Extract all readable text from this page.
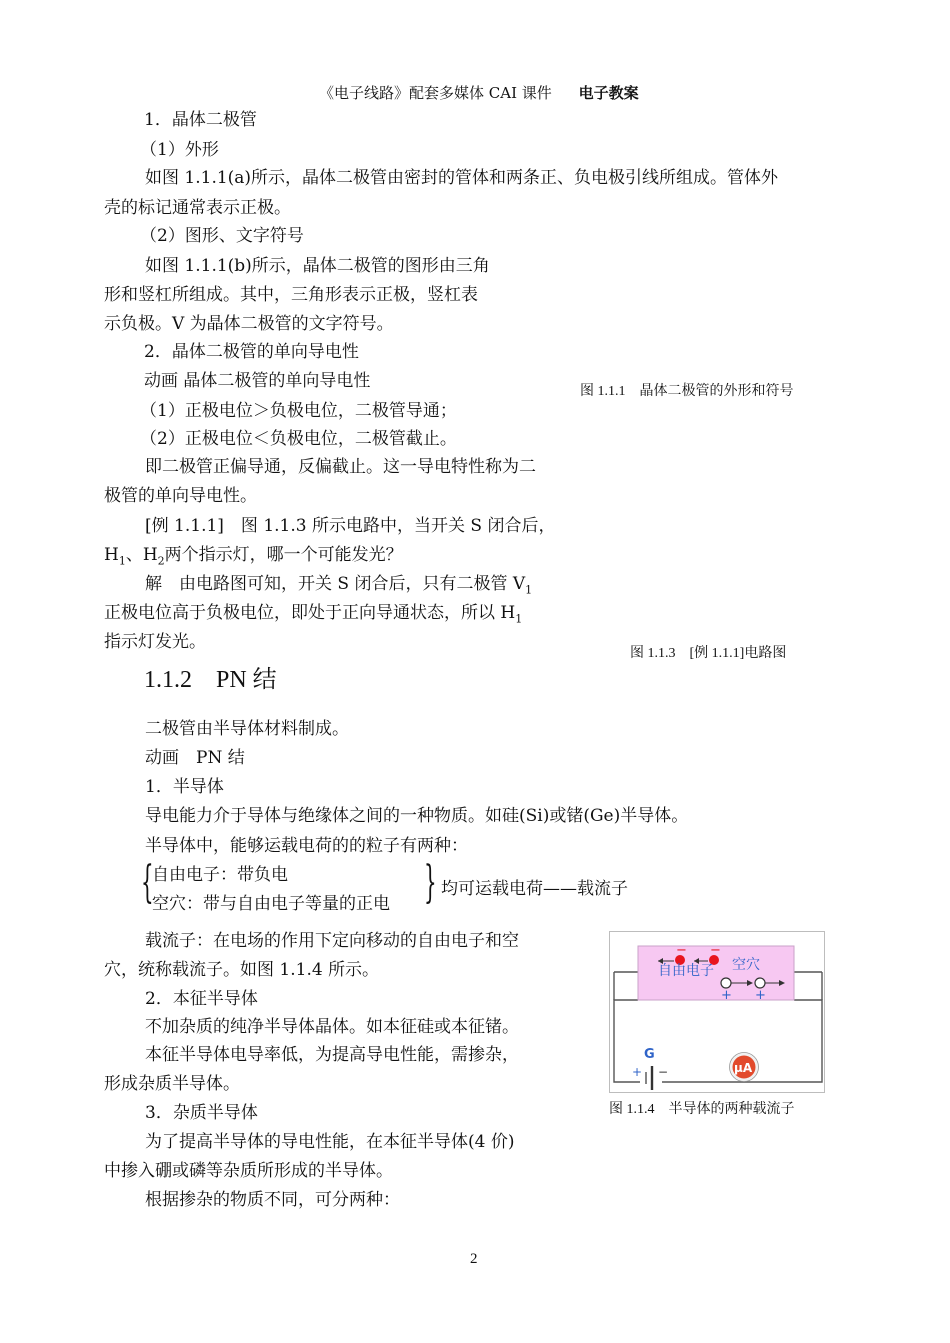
《电子线路》配套多媒体 CAI 课件 电子教案
1．晶体二极管
（1）外形
如图 1.1.1(a)所示，晶体二极管由密封的管体和两条正、负电极引线所组成。管体外
壳的标记通常表示正极。
（2）图形、文字符号
如图 1.1.1(b)所示，晶体二极管的图形由三角
形和竖杠所组成。其中，三角形表示正极，竖杠表
示负极。V 为晶体二极管的文字符号。
2．晶体二极管的单向导电性
动画 晶体二极管的单向导电性
图 1.1.1　晶体二极管的外形和符号
（1）正极电位＞负极电位，二极管导通；
（2）正极电位＜负极电位，二极管截止。
即二极管正偏导通，反偏截止。这一导电特性称为二
极管的单向导电性。
[例 1.1.1]　图 1.1.3 所示电路中，当开关 S 闭合后，
$H_1$、$H_2$两个指示灯，哪一个可能发光？
解　由电路图可知，开关 S 闭合后，只有二极管 $V_1$
正极电位高于负极电位，即处于正向导通状态，所以 $H_1$
指示灯发光。
图 1.1.3　[例 1.1.1]电路图
1.1.2　PN 结
二极管由半导体材料制成。
动画　PN 结
1．半导体
导电能力介于导体与绝缘体之间的一种物质。如硅(Si)或锗(Ge)半导体。
半导体中，能够运载电荷的的粒子有两种：
{
自由电子：带负电
空穴：带与自由电子等量的正电 } 均可运载电荷——载流子
载流子：在电场的作用下定向移动的自由电子和空
穴，统称载流子。如图 1.1.4 所示。
2．本征半导体
不加杂质的纯净半导体晶体。如本征硅或本征锗。
本征半导体电导率低，为提高导电性能，需掺杂，
形成杂质半导体。
3．杂质半导体
为了提高半导体的导电性能，在本征半导体(4 价)
中掺入硼或磷等杂质所形成的半导体。
根据掺杂的物质不同，可分两种：
− −
自由电子 空穴
+ +
G
+ −	μA
图 1.1.4　半导体的两种载流子
2
